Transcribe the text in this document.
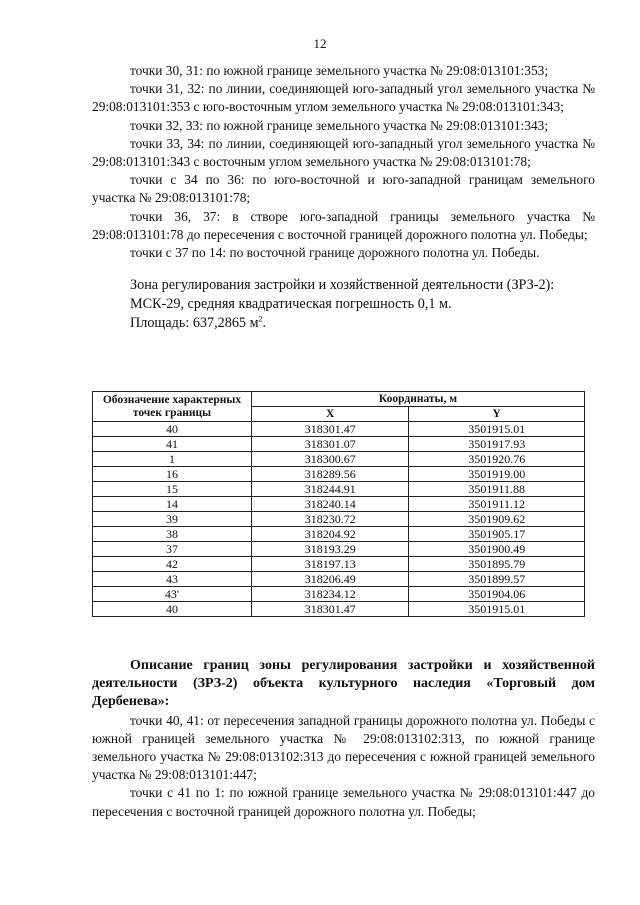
12

точки 30, 31: по южной границе земельного участка № 29:08:013101:353;

точки 31, 32: по линии, соединяющей юго-западный угол земельного участка № 29:08:013101:353 с юго-восточным углом земельного участка № 29:08:013101:343;

точки 32, 33: по южной границе земельного участка № 29:08:013101:343;

точки 33, 34: по линии, соединяющей юго-западный угол земельного участка № 29:08:013101:343 с восточным углом земельного участка № 29:08:013101:78;

точки с 34 по 36: по юго-восточной и юго-западной границам земельного участка № 29:08:013101:78;

точки 36, 37: в створе юго-западной границы земельного участка № 29:08:013101:78 до пересечения с восточной границей дорожного полотна ул. Победы;

точки с 37 по 14: по восточной границе дорожного полотна ул. Победы.

Зона регулирования застройки и хозяйственной деятельности (ЗРЗ-2):

МСК-29, средняя квадратическая погрешность 0,1 м.

Площадь: 637,2865 $м^2$.

Обозначение характерных точек границы	Координаты, м	
	X	Y
40	318301.47	3501915.01
41	318301.07	3501917.93
1	318300.67	3501920.76
16	318289.56	3501919.00
15	318244.91	3501911.88
14	318240.14	3501911.12
39	318230.72	3501909.62
38	318204.92	3501905.17
37	318193.29	3501900.49
42	318197.13	3501895.79
43	318206.49	3501899.57
43'	318234.12	3501904.06
40	318301.47	3501915.01

Описание границ зоны регулирования застройки и хозяйственной деятельности (ЗРЗ-2) объекта культурного наследия «Торговый дом Дербенева»:

точки 40, 41: от пересечения западной границы дорожного полотна ул. Победы с южной границей земельного участка № 29:08:013102:313, по южной границе земельного участка № 29:08:013102:313 до пересечения с южной границей земельного участка № 29:08:013101:447;

точки с 41 по 1: по южной границе земельного участка № 29:08:013101:447 до пересечения с восточной границей дорожного полотна ул. Победы;
